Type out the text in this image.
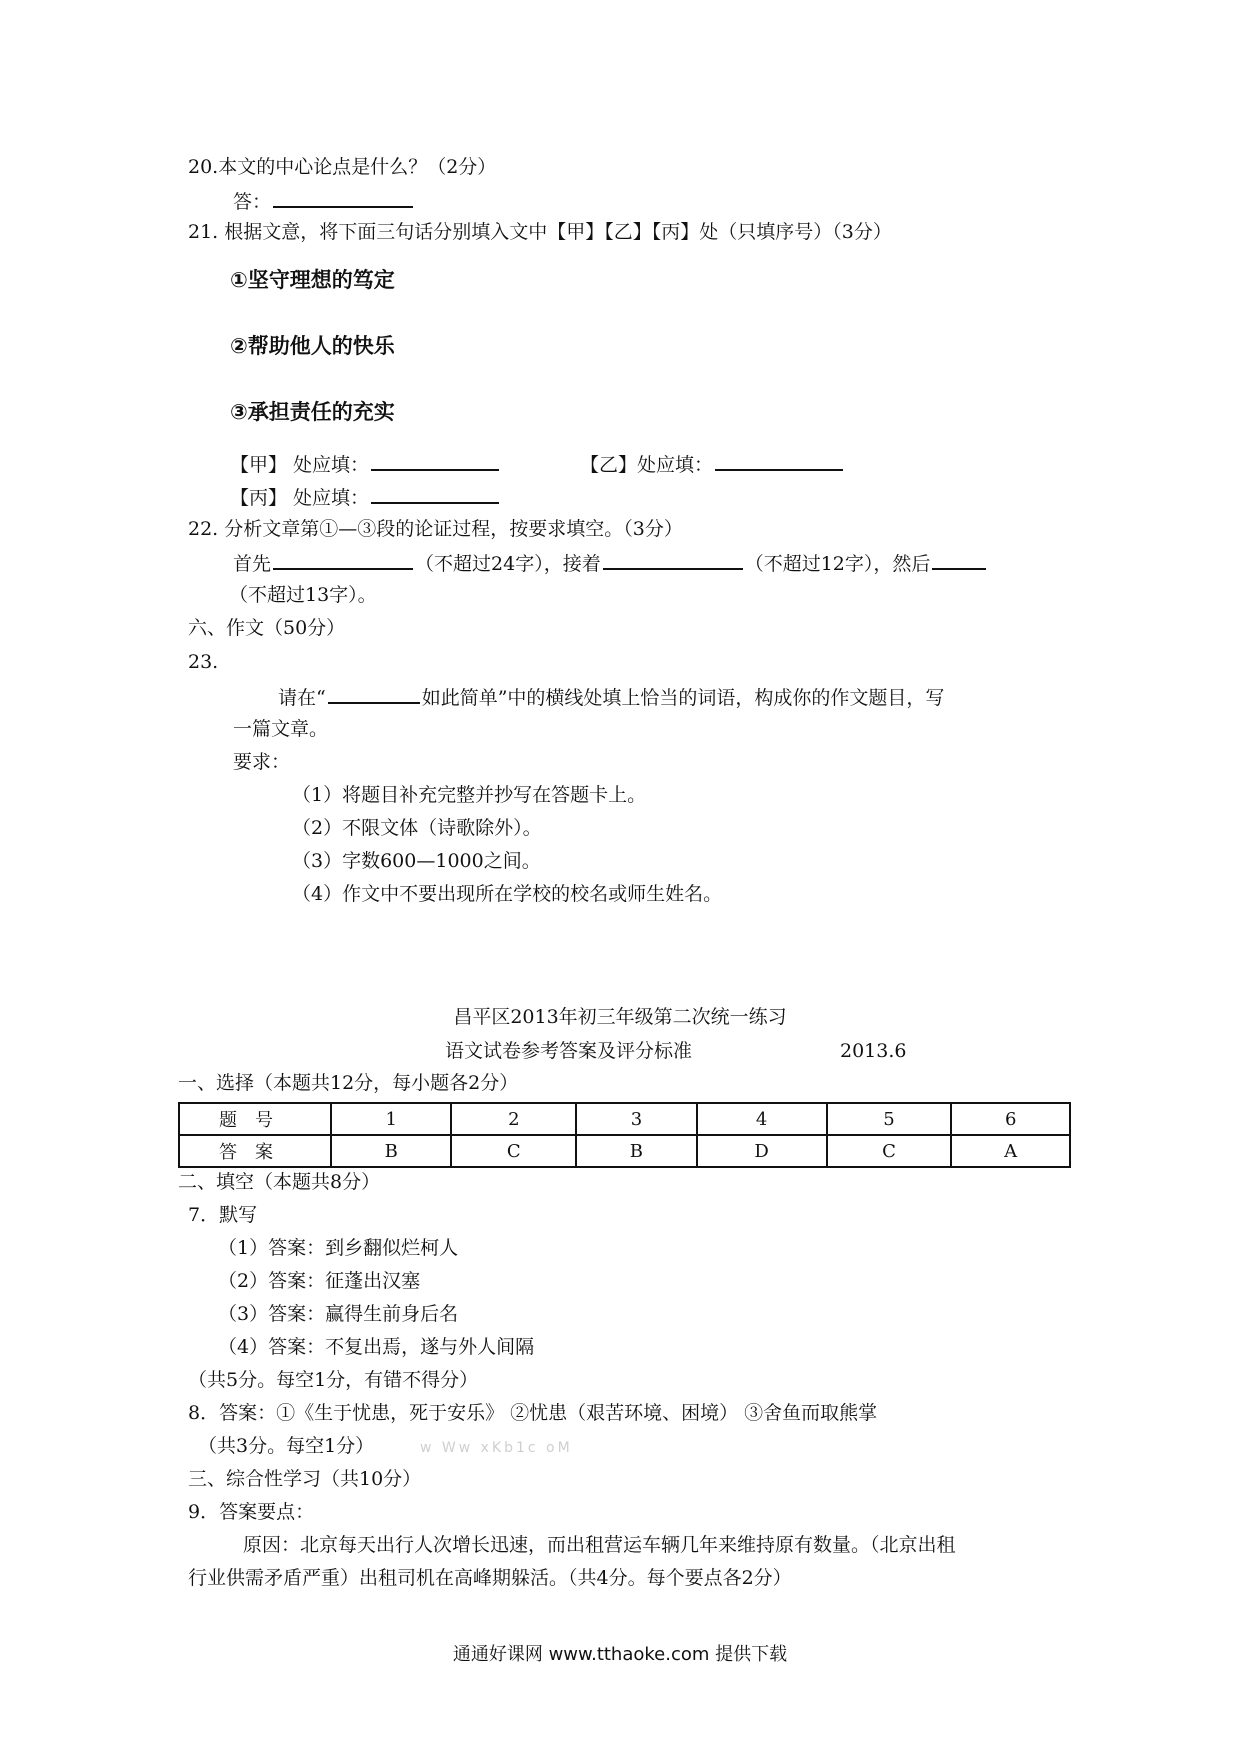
20.本文的中心论点是什么？（2分）
答：
21. 根据文意，将下面三句话分别填入文中【甲】【乙】【丙】处（只填序号）（3分）
①坚守理想的笃定
②帮助他人的快乐
③承担责任的充实
【甲】 处应填：	【乙】处应填：
【丙】 处应填：
22. 分析文章第①—③段的论证过程，按要求填空。（3分）
首先	（不超过24字），接着	（不超过12字），然后
（不超过13字）。
六、作文（50分）
23.
请在“	如此简单”中的横线处填上恰当的词语，构成你的作文题目，写
一篇文章。
要求：
（1）将题目补充完整并抄写在答题卡上。
（2）不限文体（诗歌除外）。
（3）字数600—1000之间。
（4）作文中不要出现所在学校的校名或师生姓名。
昌平区2013年初三年级第二次统一练习
语文试卷参考答案及评分标准	2013.6
一、选择（本题共12分，每小题各2分）
题号	1	2	3	4	5	6
答案	B	C	B	D	C	A
二、填空（本题共8分）
7．默写
（1）答案：到乡翻似烂柯人
（2）答案：征蓬出汉塞
（3）答案：赢得生前身后名
（4）答案：不复出焉，遂与外人间隔
（共5分。每空1分，有错不得分）
8．答案：①《生于忧患，死于安乐》 ②忧患（艰苦环境、困境） ③舍鱼而取熊掌
（共3分。每空1分）	w Ww xKb1c oM
三、综合性学习（共10分）
9．答案要点：
原因：北京每天出行人次增长迅速，而出租营运车辆几年来维持原有数量。（北京出租
行业供需矛盾严重）出租司机在高峰期躲活。（共4分。每个要点各2分）
通通好课网 www.tthaoke.com 提供下载
